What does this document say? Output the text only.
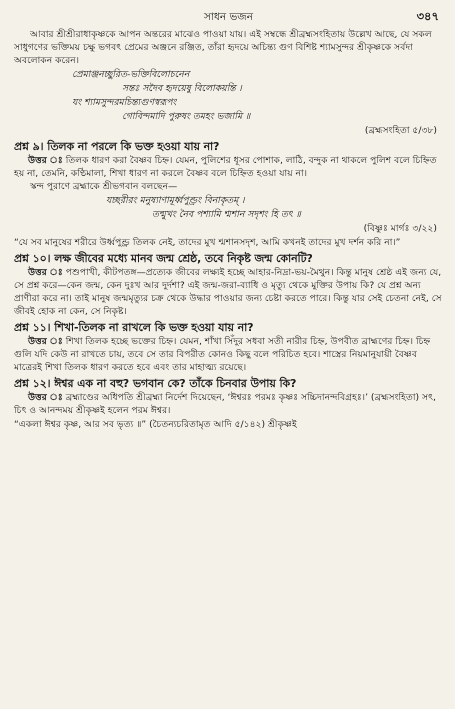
সাধন ভজন	৩৪৭

আবার শ্রীশ্রীরাধাকৃষ্ণকে আপন অন্তরের মাঝেও পাওয়া যায়। এই সম্বন্ধে শ্রীব্রহ্মসংহিতায় উল্লেখ আছে, যে সকল সাধুগণের ভক্তিময় চক্ষু ভগবৎ প্রেমের অঞ্জনে রঞ্জিত, তাঁরা হৃদয়ে অচিন্ত্য গুণ বিশিষ্ট শ্যামসুন্দর শ্রীকৃষ্ণকে সর্বদা অবলোকন করেন।

প্রেমাঞ্জনচ্ছুরিত-ভক্তিবিলোচনেন

সন্তঃ সদৈব হৃদয়েষু বিলোকয়ন্তি ।

যং শ্যামসুন্দরমচিন্ত্যগুণস্বরূপং

গোবিন্দমাদি পুরুষং তমহং ভজামি ॥

(ব্রহ্মসংহিতা ৫/৩৮)

প্রশ্ন ৯। তিলক না পরলে কি ভক্ত হওয়া যায় না?

উত্তর ঃ তিলক ধারণ করা বৈষ্ণব চিহ্ন। যেমন, পুলিশের ধূসর পোশাক, লাঠি, বন্দুক না থাকলে পুলিশ বলে চিহ্নিত হয় না, তেমনি, কণ্ঠিমালা, শিখা ধারণ না করলে বৈষ্ণব বলে চিহ্নিত হওয়া যায় না।

স্কন্দ পুরাণে ব্রহ্মাকে শ্রীভগবান বলছেন—

যচ্ছরীরং মনুষ্যাণামূর্ধ্বপুণ্ড্রং বিনাকৃতম্ ।

তন্মুখং নৈব পশ্যামি শ্মশান সদৃশং হি তৎ ॥

(বিষ্ণুঃ মার্গঃ ৩/২২)

“যে সব মানুষের শরীরে উর্ধ্বপুণ্ড্র তিলক নেই, তাদের মুখ শ্মশানসদৃশ, আমি কখনই তাদের মুখ দর্শন করি না।”

প্রশ্ন ১০। লক্ষ জীবের মধ্যে মানব জন্ম শ্রেষ্ঠ, তবে নিকৃষ্ট জন্ম কোনটি?

উত্তর ঃ পশুপাখী, কীটপতঙ্গ—প্রত্যেক জীবের লক্ষ্যই হচ্ছে আহার-নিদ্রা-ভয়-মৈথুন। কিন্তু মানুষ শ্রেষ্ঠ এই জন্য যে, সে প্রশ্ন করে—কেন জন্ম, কেন দুঃখ আর দুর্দশা? এই জন্ম-জরা-ব্যাধি ও মৃত্যু থেকে মুক্তির উপায় কি? যে প্রশ্ন অন্য প্রাণীরা করে না। তাই মানুষ জন্মমৃত্যুর চক্র থেকে উদ্ধার পাওয়ার জন্য চেষ্টা করতে পারে। কিন্তু যার সেই চেতনা নেই, সে জীবই হোক না কেন, সে নিকৃষ্ট।

প্রশ্ন ১১। শিখা-তিলক না রাখলে কি ভক্ত হওয়া যায় না?

উত্তর ঃ শিখা তিলক হচ্ছে ভক্তের চিহ্ন। যেমন, শাঁখা সিঁদুর সধবা সতী নারীর চিহ্ন, উপবীত ব্রাহ্মণের চিহ্ন। চিহ্ন গুলি যদি কেউ না রাখতে চায়, তবে সে তার বিপরীত কোনও কিছু বলে পরিচিত হবে। শাস্ত্রের নিয়মানুযায়ী বৈষ্ণব মাত্রেরই শিখা তিলক ধারণ করতে হবে এবং তার মাহাত্ম্য রয়েছে।

প্রশ্ন ১২। ঈশ্বর এক না বহু? ভগবান কে? তাঁকে চিনবার উপায় কি?

উত্তর ঃ ব্রহ্মাণ্ডের অধিপতি শ্রীব্রহ্মা নির্দেশ দিয়েছেন, ‘ঈশ্বরঃ পরমঃ কৃষ্ণঃ সচ্চিদানন্দবিগ্রহঃ।’ (ব্রহ্মসংহিতা) সৎ, চিৎ ও আনন্দময় শ্রীকৃষ্ণই হলেন পরম ঈশ্বর।

“একলা ঈশ্বর কৃষ্ণ, আর সব ভৃত্য ॥” (চৈতন্যচরিতামৃত আদি ৫/১৪২) শ্রীকৃষ্ণই
